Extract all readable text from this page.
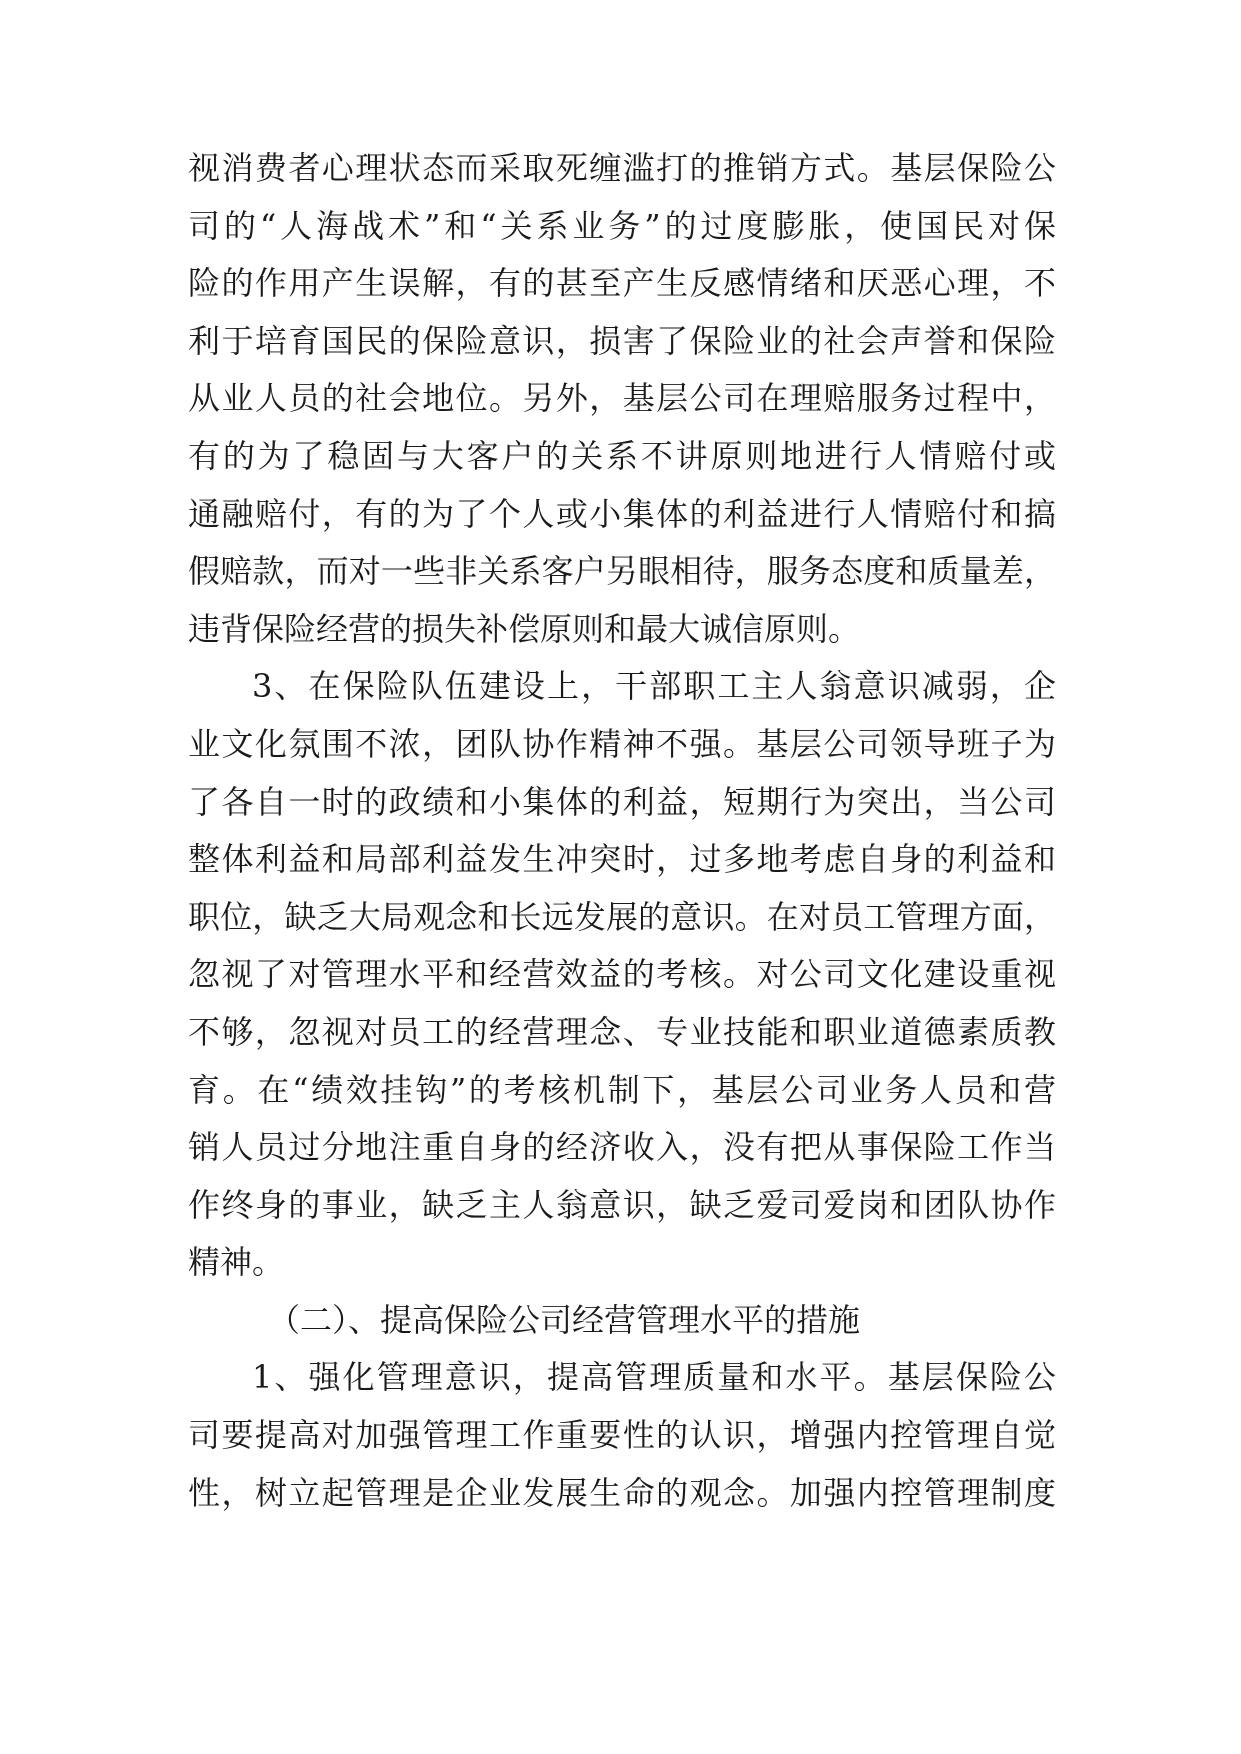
视消费者心理状态而采取死缠滥打的推销方式。基层保险公
司的“人海战术”和“关系业务”的过度膨胀，使国民对保
险的作用产生误解，有的甚至产生反感情绪和厌恶心理，不
利于培育国民的保险意识，损害了保险业的社会声誉和保险
从业人员的社会地位。另外，基层公司在理赔服务过程中，
有的为了稳固与大客户的关系不讲原则地进行人情赔付或
通融赔付，有的为了个人或小集体的利益进行人情赔付和搞
假赔款，而对一些非关系客户另眼相待，服务态度和质量差，
违背保险经营的损失补偿原则和最大诚信原则。
3、在保险队伍建设上，干部职工主人翁意识减弱，企
业文化氛围不浓，团队协作精神不强。基层公司领导班子为
了各自一时的政绩和小集体的利益，短期行为突出，当公司
整体利益和局部利益发生冲突时，过多地考虑自身的利益和
职位，缺乏大局观念和长远发展的意识。在对员工管理方面，
忽视了对管理水平和经营效益的考核。对公司文化建设重视
不够，忽视对员工的经营理念、专业技能和职业道德素质教
育。在“绩效挂钩”的考核机制下，基层公司业务人员和营
销人员过分地注重自身的经济收入，没有把从事保险工作当
作终身的事业，缺乏主人翁意识，缺乏爱司爱岗和团队协作
精神。
（二）、提高保险公司经营管理水平的措施
1、强化管理意识，提高管理质量和水平。基层保险公
司要提高对加强管理工作重要性的认识，增强内控管理自觉
性，树立起管理是企业发展生命的观念。加强内控管理制度
